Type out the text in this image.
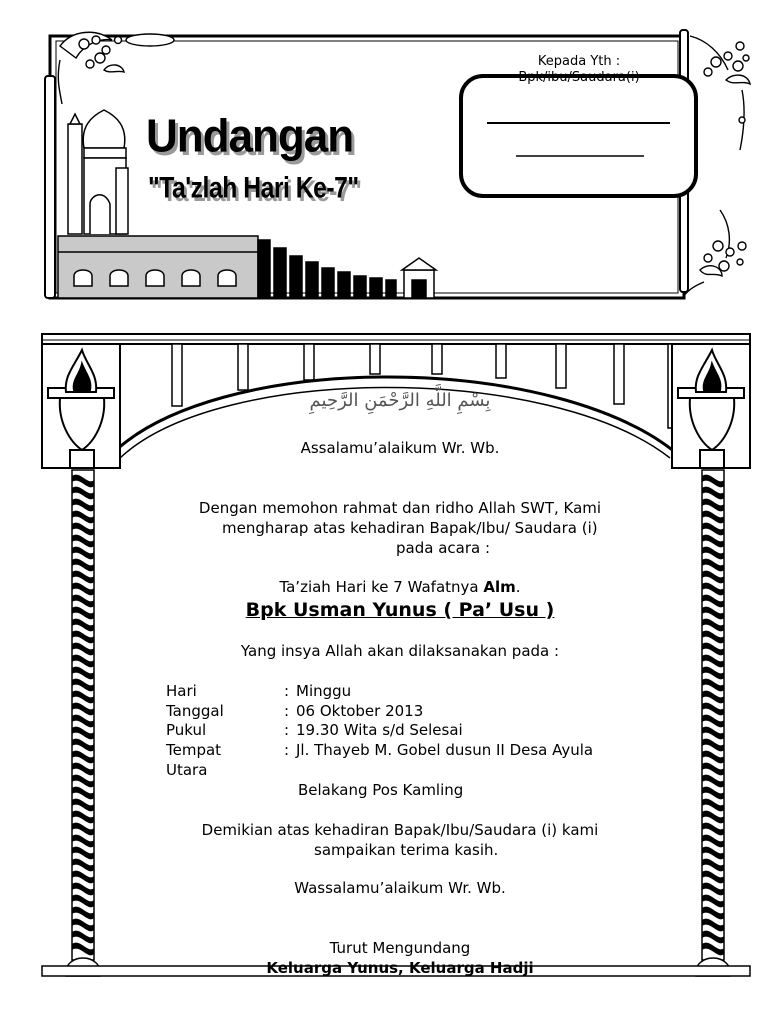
Kepada Yth :
Bpk/ibu/Saudara(i)
Undangan
"Ta'zlah Hari Ke-7"
بِسْمِ اللَّهِ الرَّحْمَنِ الرَّحِيمِ
Assalamu’alaikum Wr. Wb.
Dengan memohon rahmat dan ridho Allah SWT, Kami
mengharap atas kehadiran Bapak/Ibu/ Saudara (i)
pada acara :
Ta’ziah Hari ke 7 Wafatnya Alm.
Bpk Usman Yunus ( Pa’ Usu )
Yang insya Allah akan dilaksanakan pada :
Hari	: Minggu
Tanggal	: 06 Oktober 2013
Pukul	: 19.30 Wita s/d Selesai
Tempat	: Jl. Thayeb M. Gobel dusun II Desa Ayula
Utara
Belakang Pos Kamling
Demikian atas kehadiran Bapak/Ibu/Saudara (i) kami
sampaikan terima kasih.
Wassalamu’alaikum Wr. Wb.
Turut Mengundang
Keluarga Yunus, Keluarga Hadji
